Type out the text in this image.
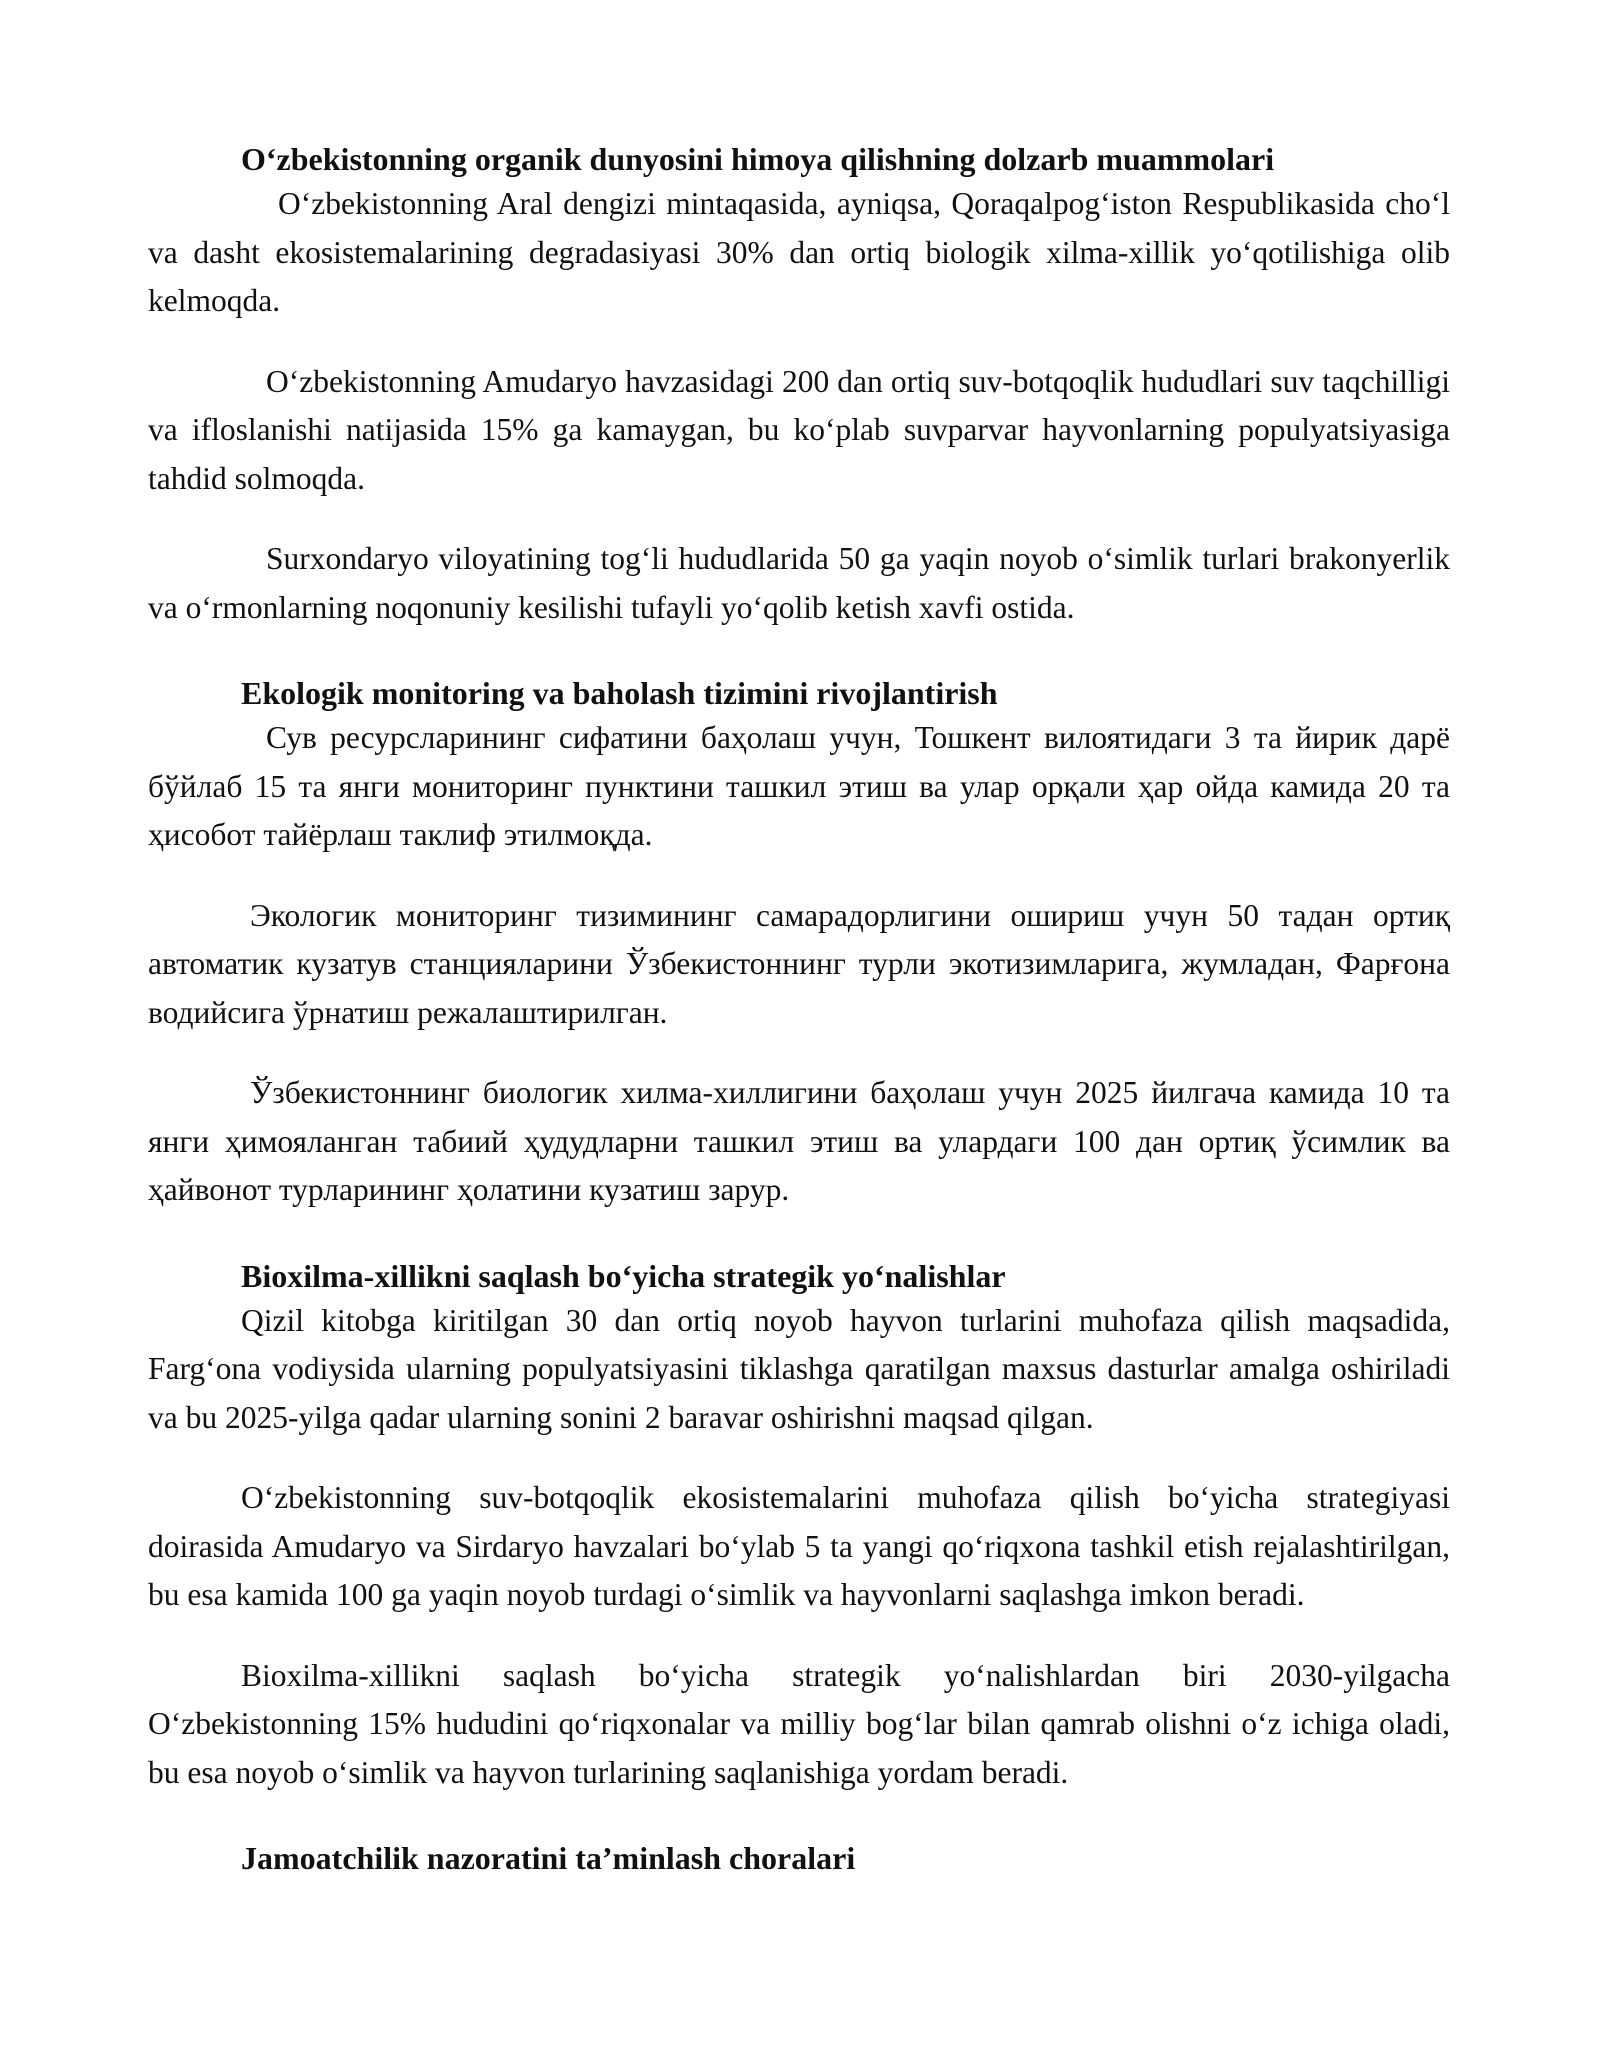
Oʻzbekistonning organik dunyosini himoya qilishning dolzarb muammolari

Oʻzbekistonning Aral dengizi mintaqasida, ayniqsa, Qoraqalpogʻiston Respublikasida choʻl va dasht ekosistemalarining degradasiyasi 30% dan ortiq biologik xilma-xillik yoʻqotilishiga olib kelmoqda.

Oʻzbekistonning Amudaryo havzasidagi 200 dan ortiq suv-botqoqlik hududlari suv taqchilligi va ifloslanishi natijasida 15% ga kamaygan, bu koʻplab suvparvar hayvonlarning populyatsiyasiga tahdid solmoqda.

Surxondaryo viloyatining togʻli hududlarida 50 ga yaqin noyob oʻsimlik turlari brakonyerlik va oʻrmonlarning noqonuniy kesilishi tufayli yoʻqolib ketish xavfi ostida.

Ekologik monitoring va baholash tizimini rivojlantirish

Сув ресурсларининг сифатини баҳолаш учун, Тошкент вилоятидаги 3 та йирик дарё бўйлаб 15 та янги мониторинг пунктини ташкил этиш ва улар орқали ҳар ойда камида 20 та ҳисобот тайёрлаш таклиф этилмоқда.

Экологик мониторинг тизимининг самарадорлигини ошириш учун 50 тадан ортиқ автоматик кузатув станцияларини Ўзбекистоннинг турли экотизимларига, жумладан, Фарғона водийсига ўрнатиш режалаштирилган.

Ўзбекистоннинг биологик хилма-хиллигини баҳолаш учун 2025 йилгача камида 10 та янги ҳимояланган табиий ҳудудларни ташкил этиш ва улардаги 100 дан ортиқ ўсимлик ва ҳайвонот турларининг ҳолатини кузатиш зарур.

Bioxilma-xillikni saqlash boʻyicha strategik yoʻnalishlar

Qizil kitobga kiritilgan 30 dan ortiq noyob hayvon turlarini muhofaza qilish maqsadida, Fargʻona vodiysida ularning populyatsiyasini tiklashga qaratilgan maxsus dasturlar amalga oshiriladi va bu 2025-yilga qadar ularning sonini 2 baravar oshirishni maqsad qilgan.

Oʻzbekistonning suv-botqoqlik ekosistemalarini muhofaza qilish boʻyicha strategiyasi doirasida Amudaryo va Sirdaryo havzalari boʻylab 5 ta yangi qoʻriqxona tashkil etish rejalashtirilgan, bu esa kamida 100 ga yaqin noyob turdagi oʻsimlik va hayvonlarni saqlashga imkon beradi.

Bioxilma-xillikni saqlash boʻyicha strategik yoʻnalishlardan biri 2030-yilgacha Oʻzbekistonning 15% hududini qoʻriqxonalar va milliy bogʻlar bilan qamrab olishni oʻz ichiga oladi, bu esa noyob oʻsimlik va hayvon turlarining saqlanishiga yordam beradi.

Jamoatchilik nazoratini taʼminlash choralari
